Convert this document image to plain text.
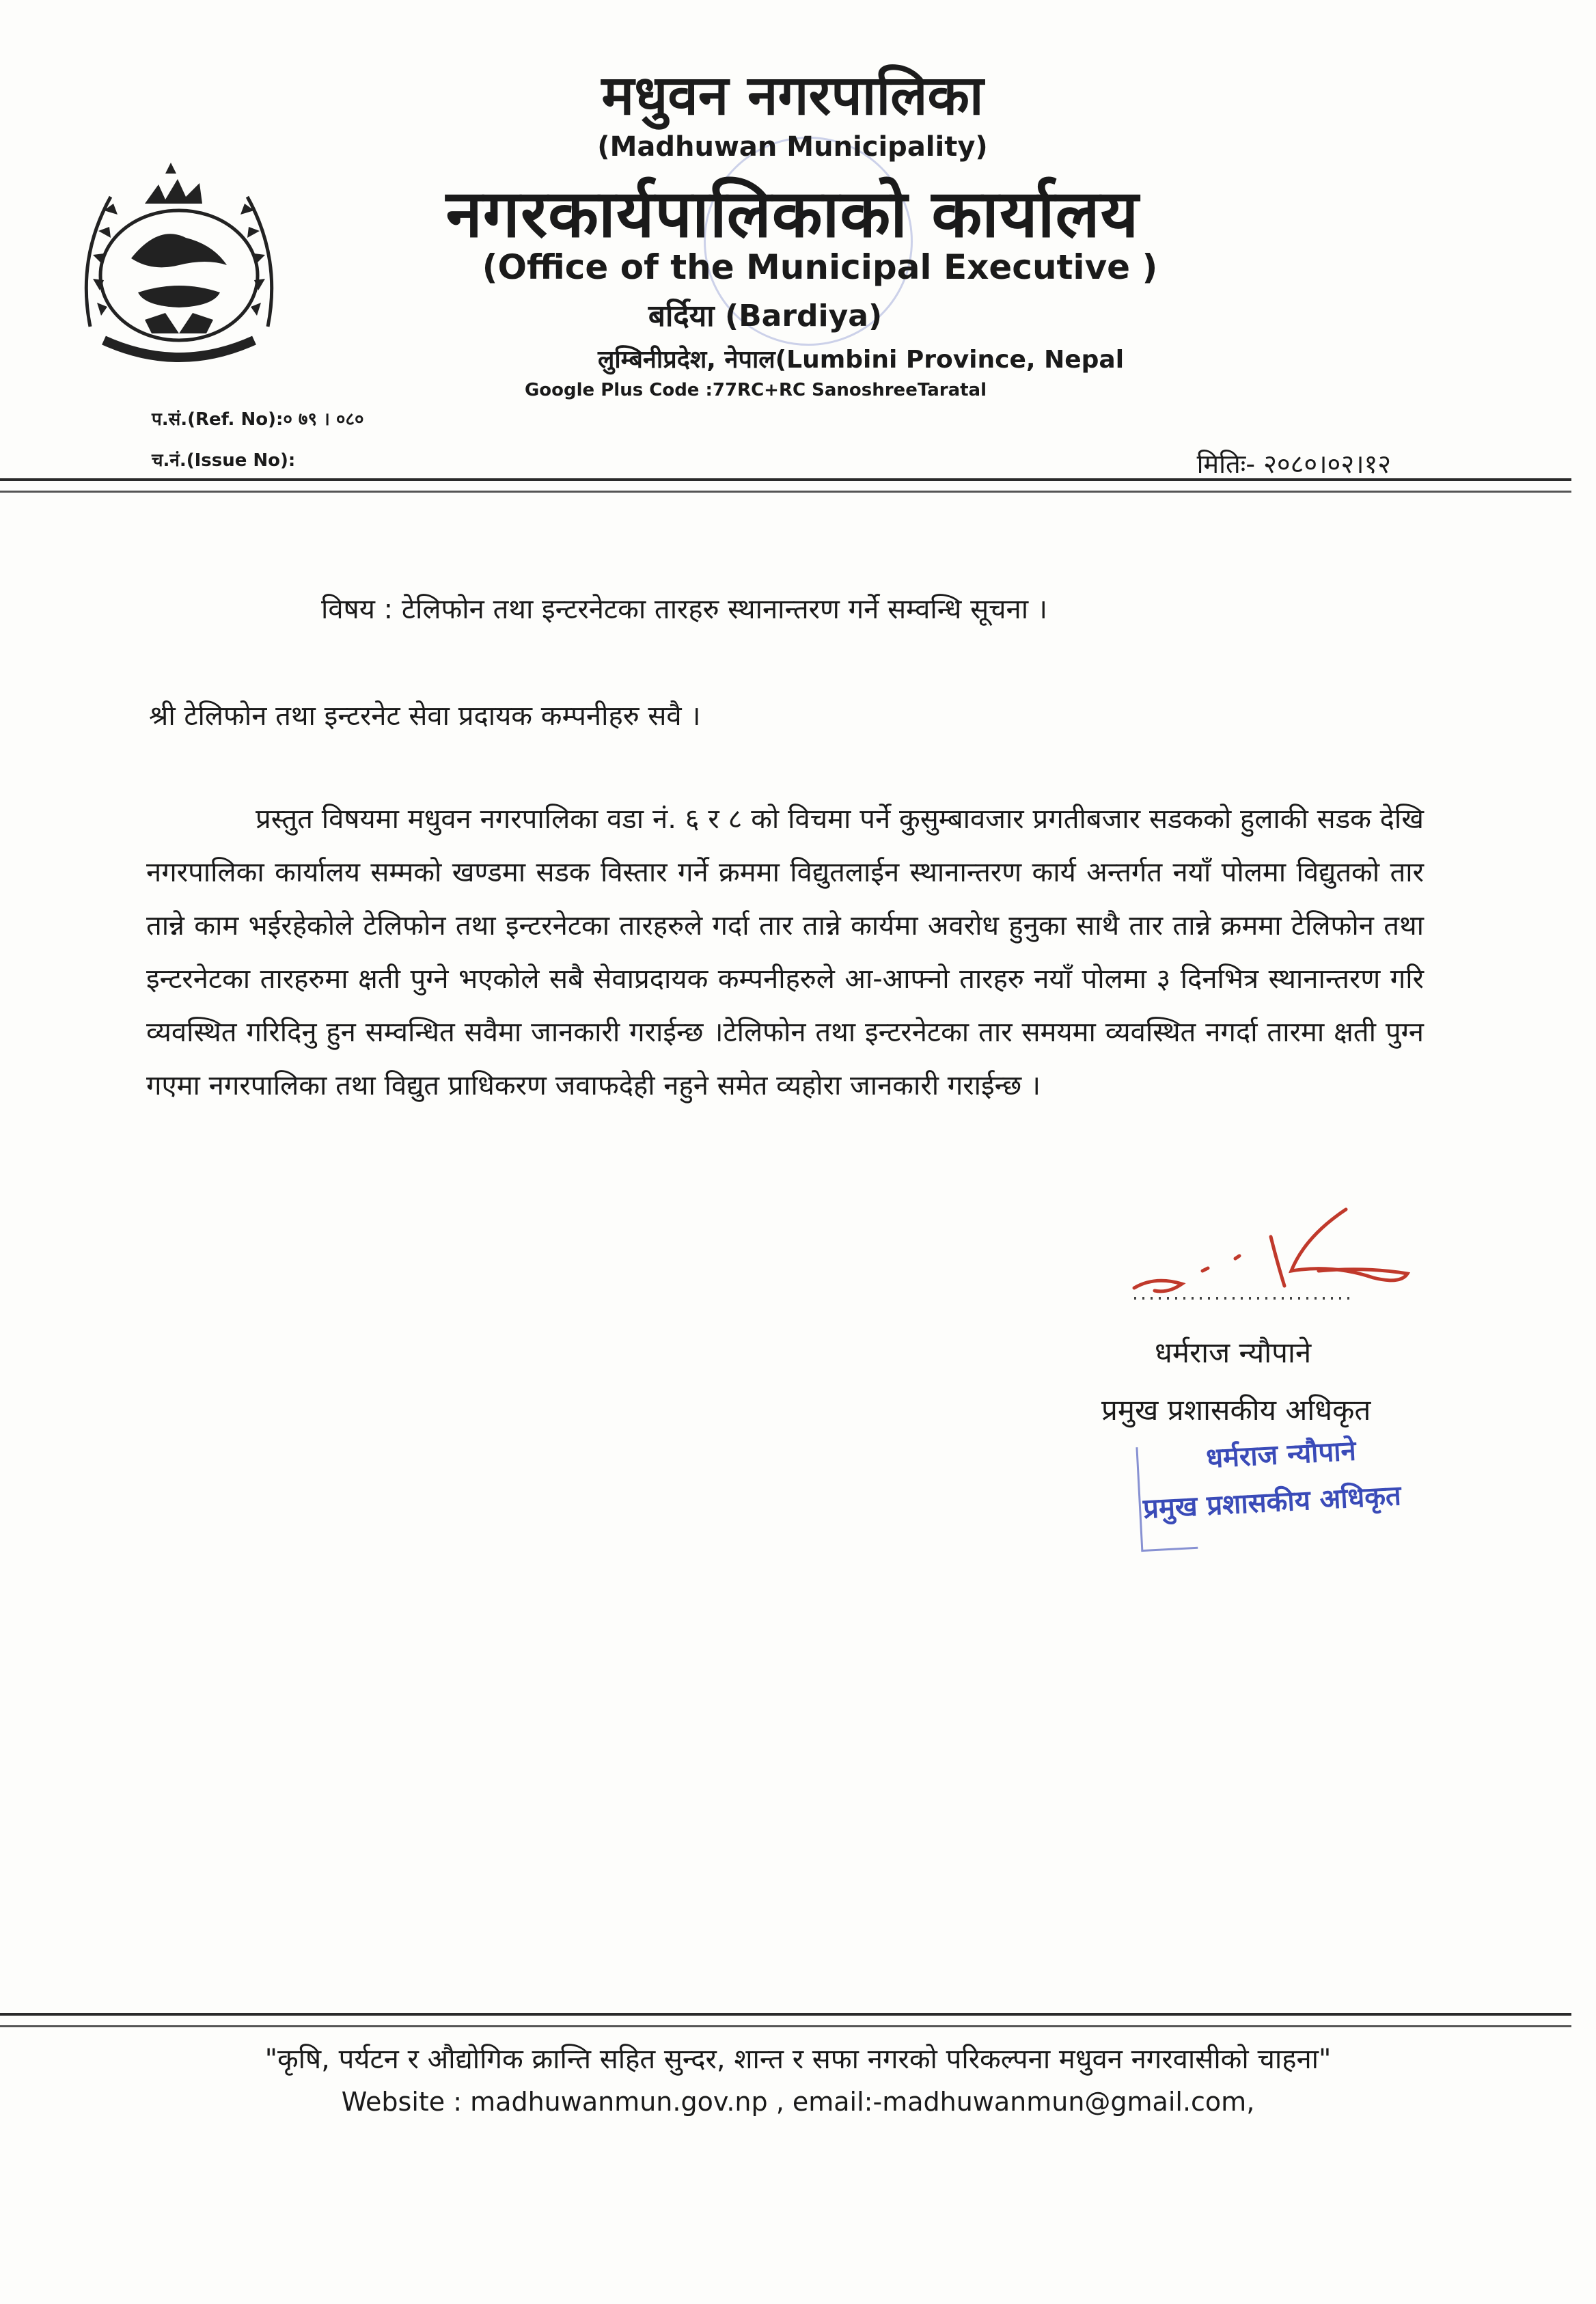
मधुवन नगरपालिका
(Madhuwan Municipality)
नगरकार्यपालिकाको कार्यालय
(Office of the Municipal Executive )
बर्दिया (Bardiya)
लुम्बिनीप्रदेश, नेपाल(Lumbini Province, Nepal
Google Plus Code :77RC+RC SanoshreeTaratal
प.सं.(Ref. No):० ७९ । ०८०
च.नं.(Issue No):	मितिः- २०८०।०२।१२
विषय : टेलिफोन तथा इन्टरनेटका तारहरु स्थानान्तरण गर्ने सम्वन्धि सूचना ।
श्री टेलिफोन तथा इन्टरनेट सेवा प्रदायक कम्पनीहरु सवै ।
प्रस्तुत विषयमा मधुवन नगरपालिका वडा नं. ६ र ८ को विचमा पर्ने कुसुम्बावजार प्रगतीबजार सडकको हुलाकी सडक देखि नगरपालिका कार्यालय सम्मको खण्डमा सडक विस्तार गर्ने क्रममा विद्युतलाईन स्थानान्तरण कार्य अन्तर्गत नयाँ पोलमा विद्युतको तार तान्ने काम भईरहेकोले टेलिफोन तथा इन्टरनेटका तारहरुले गर्दा तार तान्ने कार्यमा अवरोध हुनुका साथै तार तान्ने क्रममा टेलिफोन तथा इन्टरनेटका तारहरुमा क्षती पुग्ने भएकोले सबै सेवाप्रदायक कम्पनीहरुले आ-आफ्नो तारहरु नयाँ पोलमा ३ दिनभित्र स्थानान्तरण गरि व्यवस्थित गरिदिनु हुन सम्वन्धित सवैमा जानकारी गराईन्छ ।टेलिफोन तथा इन्टरनेटका तार समयमा व्यवस्थित नगर्दा तारमा क्षती पुग्न गएमा नगरपालिका तथा विद्युत प्राधिकरण जवाफदेही नहुने समेत व्यहोरा जानकारी गराईन्छ ।
धर्मराज न्यौपाने
प्रमुख प्रशासकीय अधिकृत
धर्मराज न्यौपाने
प्रमुख प्रशासकीय अधिकृत
"कृषि, पर्यटन र औद्योगिक क्रान्ति सहित सुन्दर, शान्त र सफा नगरको परिकल्पना मधुवन नगरवासीको चाहना"
Website : madhuwanmun.gov.np , email:-madhuwanmun@gmail.com,
